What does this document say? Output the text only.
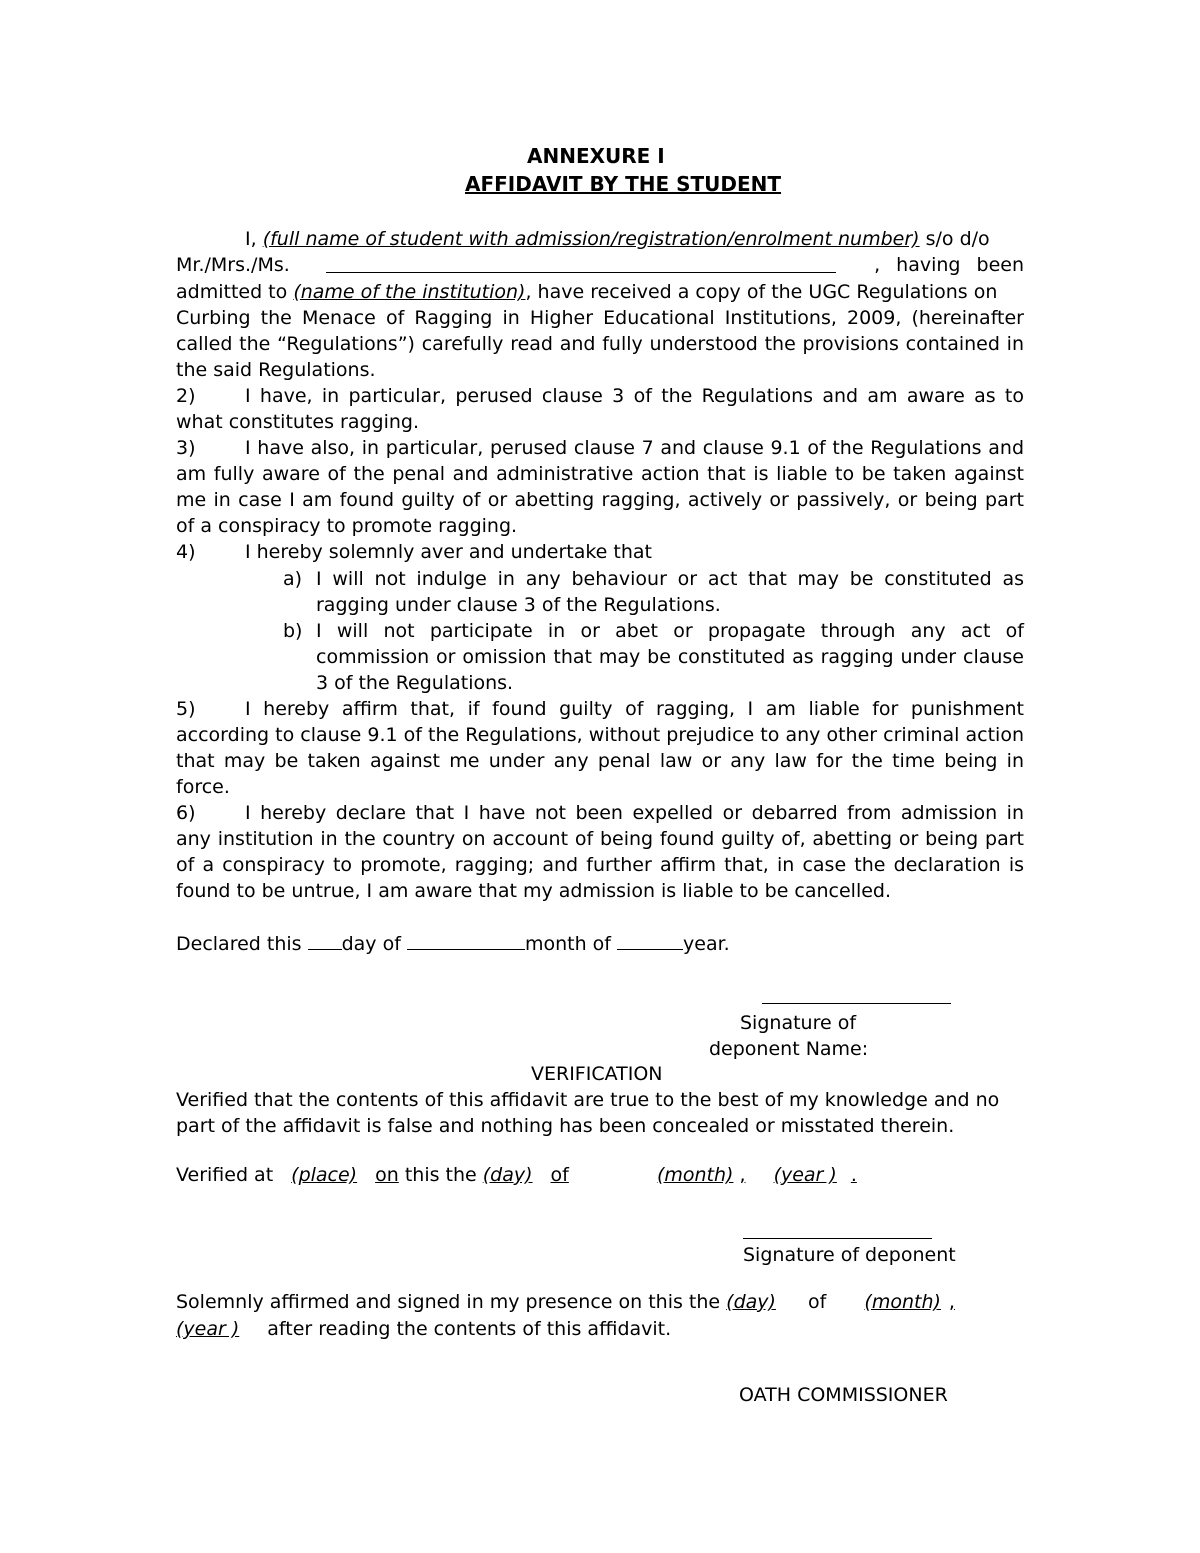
ANNEXURE I
AFFIDAVIT BY THE STUDENT
I, (full name of student with admission/registration/enrolment number) s/o d/o
Mr./Mrs./Ms.	, having been
admitted to (name of the institution), have received a copy of the UGC Regulations on
Curbing the Menace of Ragging in Higher Educational Institutions, 2009, (hereinafter
called the “Regulations”) carefully read and fully understood the provisions contained in
the said Regulations.
2)	I have, in particular, perused clause 3 of the Regulations and am aware as to
what constitutes ragging.
3)	I have also, in particular, perused clause 7 and clause 9.1 of the Regulations and
am fully aware of the penal and administrative action that is liable to be taken against
me in case I am found guilty of or abetting ragging, actively or passively, or being part
of a conspiracy to promote ragging.
4)	I hereby solemnly aver and undertake that
a) I will not indulge in any behaviour or act that may be constituted as
ragging under clause 3 of the Regulations.
b) I will not participate in or abet or propagate through any act of
commission or omission that may be constituted as ragging under clause
3 of the Regulations.
5)	I hereby affirm that, if found guilty of ragging, I am liable for punishment
according to clause 9.1 of the Regulations, without prejudice to any other criminal action
that may be taken against me under any penal law or any law for the time being in
force.
6)	I hereby declare that I have not been expelled or debarred from admission in
any institution in the country on account of being found guilty of, abetting or being part
of a conspiracy to promote, ragging; and further affirm that, in case the declaration is
found to be untrue, I am aware that my admission is liable to be cancelled.
Declared this day of	month of	year.
Signature of
deponent Name:
VERIFICATION
Verified that the contents of this affidavit are true to the best of my knowledge and no
part of the affidavit is false and nothing has been concealed or misstated therein.
Verified at (place) on this the (day) of	(month) , (year ) .
Signature of deponent
Solemnly affirmed and signed in my presence on this the (day) of (month) ,
(year ) after reading the contents of this affidavit.
OATH COMMISSIONER
